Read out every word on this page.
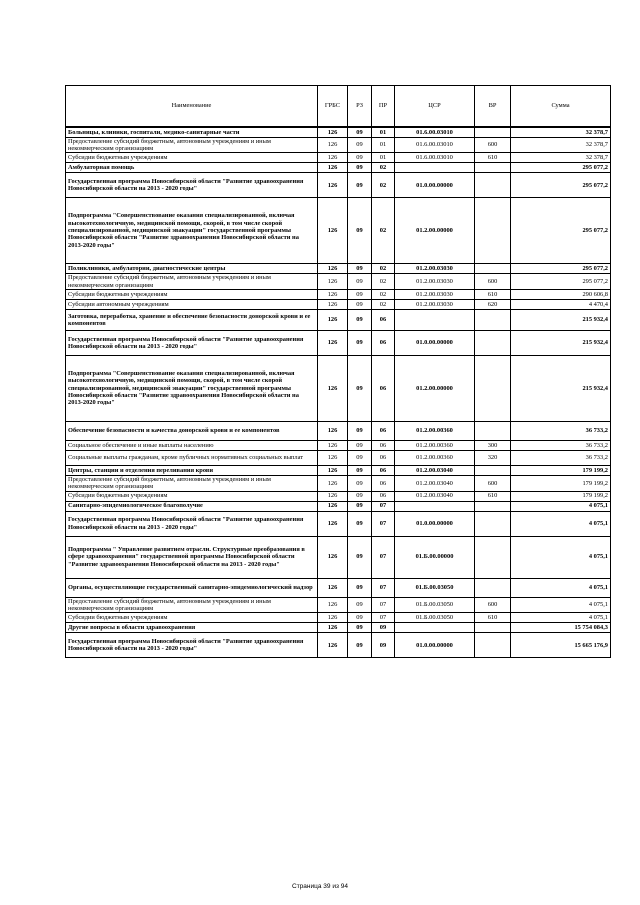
Наименование	ГРБС	РЗ	ПР	ЦСР	ВР	Сумма
Больницы, клиники, госпитали, медико-санитарные части	126	09	01	01.6.00.03010		32 378,7
Предоставление субсидий бюджетным, автономным учреждениям и иным некоммерческим организациям	126	09	01	01.6.00.03010	600	32 378,7
Субсидии бюджетным учреждениям	126	09	01	01.6.00.03010	610	32 378,7
Амбулаторная помощь	126	09	02			295 077,2
Государственная программа Новосибирской области "Развитие здравоохранения Новосибирской области на 2013 - 2020 годы"	126	09	02	01.0.00.00000		295 077,2
Подпрограмма "Совершенствование оказания специализированной, включая высокотехнологичную, медицинской помощи, скорой, в том числе скорой специализированной, медицинской эвакуации" государственной программы Новосибирской области "Развитие здравоохранения Новосибирской области на 2013-2020 годы"	126	09	02	01.2.00.00000		295 077,2
Поликлиники, амбулатории, диагностические центры	126	09	02	01.2.00.03030		295 077,2
Предоставление субсидий бюджетным, автономным учреждениям и иным некоммерческим организациям	126	09	02	01.2.00.03030	600	295 077,2
Субсидии бюджетным учреждениям	126	09	02	01.2.00.03030	610	290 606,8
Субсидии автономным учреждениям	126	09	02	01.2.00.03030	620	4 470,4
Заготовка, переработка, хранение и обеспечение безопасности донорской крови и ее компонентов	126	09	06			215 932,4
Государственная программа Новосибирской области "Развитие здравоохранения Новосибирской области на 2013 - 2020 годы"	126	09	06	01.0.00.00000		215 932,4
Подпрограмма "Совершенствование оказания специализированной, включая высокотехнологичную, медицинской помощи, скорой, в том числе скорой специализированной, медицинской эвакуации" государственной программы Новосибирской области "Развитие здравоохранения Новосибирской области на 2013-2020 годы"	126	09	06	01.2.00.00000		215 932,4
Обеспечение безопасности и качества донорской крови и ее компонентов	126	09	06	01.2.00.00360		36 733,2
Социальное обеспечение и иные выплаты населению	126	09	06	01.2.00.00360	300	36 733,2
Социальные выплаты гражданам, кроме публичных нормативных социальных выплат	126	09	06	01.2.00.00360	320	36 733,2
Центры, станции и отделения переливания крови	126	09	06	01.2.00.03040		179 199,2
Предоставление субсидий бюджетным, автономным учреждениям и иным некоммерческим организациям	126	09	06	01.2.00.03040	600	179 199,2
Субсидии бюджетным учреждениям	126	09	06	01.2.00.03040	610	179 199,2
Санитарно-эпидемиологическое благополучие	126	09	07			4 075,1
Государственная программа Новосибирской области "Развитие здравоохранения Новосибирской области на 2013 - 2020 годы"	126	09	07	01.0.00.00000		4 075,1
Подпрограмма " Управление развитием отрасли. Структурные преобразования в сфере здравоохранения" государственной программы Новосибирской области "Развитие здравоохранения Новосибирской области на 2013 - 2020 годы"	126	09	07	01.Б.00.00000		4 075,1
Органы, осуществляющие государственный санитарно-эпидемиологический надзор	126	09	07	01.Б.00.03050		4 075,1
Предоставление субсидий бюджетным, автономным учреждениям и иным некоммерческим организациям	126	09	07	01.Б.00.03050	600	4 075,1
Субсидии бюджетным учреждениям	126	09	07	01.Б.00.03050	610	4 075,1
Другие вопросы в области здравоохранения	126	09	09			15 754 084,3
Государственная программа Новосибирской области "Развитие здравоохранения Новосибирской области на 2013 - 2020 годы"	126	09	09	01.0.00.00000		15 665 176,9
Страница 39 из 94
